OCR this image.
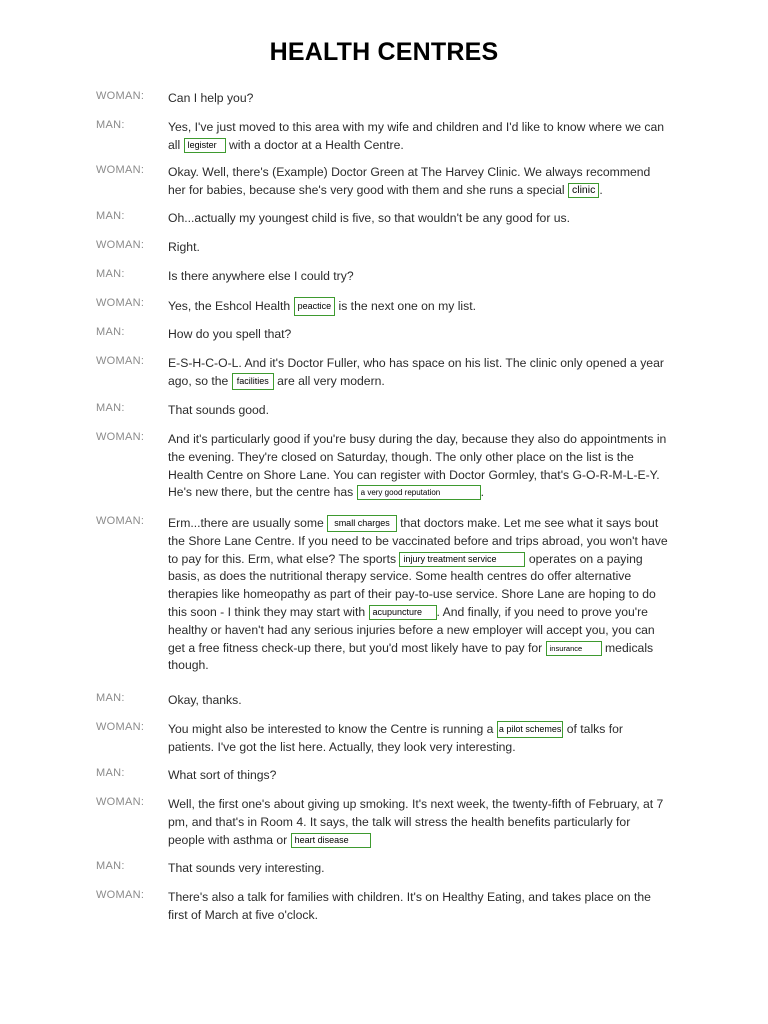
HEALTH CENTRES
WOMAN: Can I help you?
MAN:	Yes, I've just moved to this area with my wife and children and I'd like to know where we can all legister with a doctor at a Health Centre.
WOMAN: Okay. Well, there's (Example) Doctor Green at The Harvey Clinic. We always recommend her for babies, because she's very good with them and she runs a special clinic .
MAN:	Oh...actually my youngest child is five, so that wouldn't be any good for us.
WOMAN: Right.
MAN:	Is there anywhere else I could try?
WOMAN: Yes, the Eshcol Health peactice is the next one on my list.
MAN:	How do you spell that?
WOMAN: E-S-H-C-O-L. And it's Doctor Fuller, who has space on his list. The clinic only opened a year ago, so the facilities are all very modern.
MAN:	That sounds good.
WOMAN: And it's particularly good if you're busy during the day, because they also do appointments in the evening. They're closed on Saturday, though. The only other place on the list is the Health Centre on Shore Lane. You can register with Doctor Gormley, that's G-O-R-M-L-E-Y. He's new there, but the centre has a very good reputation	.
WOMAN: Erm...there are usually some small charges that doctors make. Let me see what it says bout the Shore Lane Centre. If you need to be vaccinated before and trips abroad, you won't have to pay for this. Erm, what else? The sports injury treatment service operates on a paying basis, as does the nutritional therapy service. Some health centres do offer alternative therapies like homeopathy as part of their pay-to-use service. Shore Lane are hoping to do this soon - I think they may start with acupuncture . And finally, if you need to prove you're healthy or haven't had any serious injuries before a new employer will accept you, you can get a free fitness check-up there, but you'd most likely have to pay for insurance medicals though.
MAN:	Okay, thanks.
WOMAN: You might also be interested to know the Centre is running a a pilot schemes of talks for patients. I've got the list here. Actually, they look very interesting.
MAN:	What sort of things?
WOMAN: Well, the first one's about giving up smoking. It's next week, the twenty-fifth of February, at 7 pm, and that's in Room 4. It says, the talk will stress the health benefits particularly for people with asthma or heart disease
MAN:	That sounds very interesting.
WOMAN: There's also a talk for families with children. It's on Healthy Eating, and takes place on the first of March at five o'clock.
